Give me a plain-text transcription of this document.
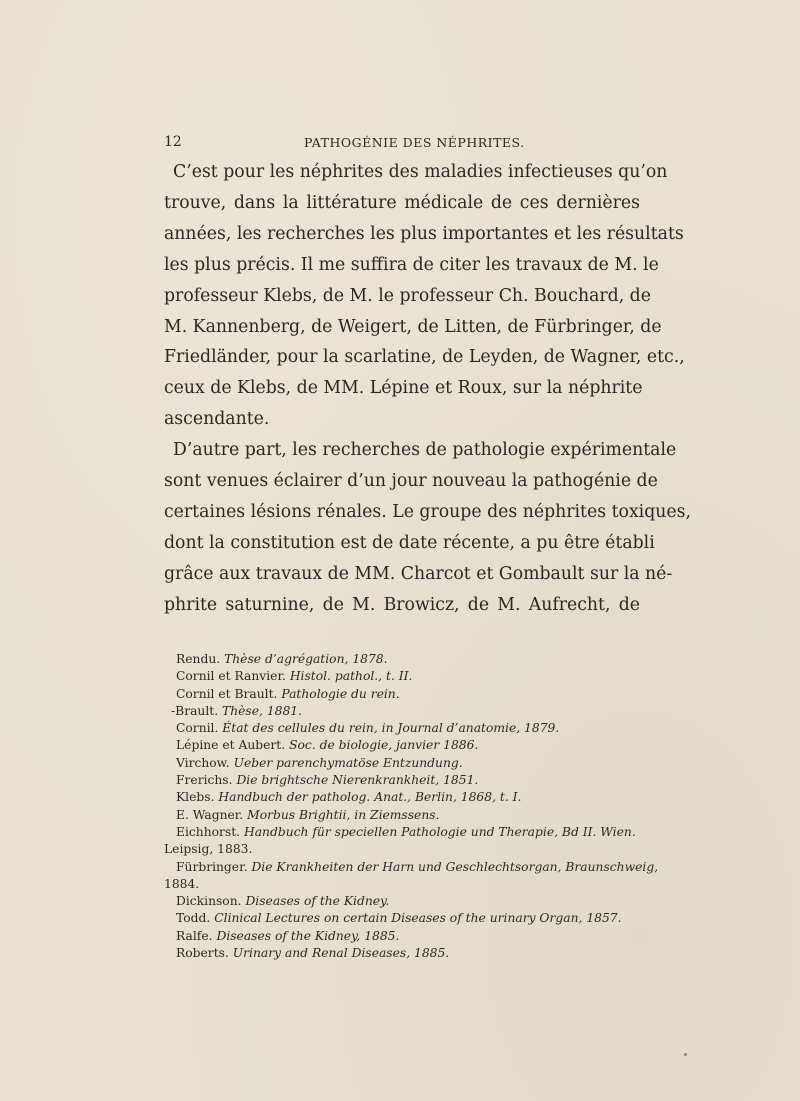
12	PATHOGÉNIE DES NÉPHRITES.
C’est pour les néphrites des maladies infectieuses qu’on
trouve, dans la littérature médicale de ces dernières
années, les recherches les plus importantes et les résultats
les plus précis. Il me suffira de citer les travaux de M. le
professeur Klebs, de M. le professeur Ch. Bouchard, de
M. Kannenberg, de Weigert, de Litten, de Fürbringer, de
Friedländer, pour la scarlatine, de Leyden, de Wagner, etc.,
ceux de Klebs, de MM. Lépine et Roux, sur la néphrite
ascendante.
D’autre part, les recherches de pathologie expérimentale
sont venues éclairer d’un jour nouveau la pathogénie de
certaines lésions rénales. Le groupe des néphrites toxiques,
dont la constitution est de date récente, a pu être établi
grâce aux travaux de MM. Charcot et Gombault sur la né-
phrite saturnine, de M. Browicz, de M. Aufrecht, de
Rendu. Thèse d’agrégation, 1878.
Cornil et Ranvier. Histol. pathol., t. II.
Cornil et Brault. Pathologie du rein.
-Brault. Thèse, 1881.
Cornil. État des cellules du rein, in Journal d’anatomie, 1879.
Lépine et Aubert. Soc. de biologie, janvier 1886.
Virchow. Ueber parenchymatöse Entzundung.
Frerichs. Die brightsche Nierenkrankheit, 1851.
Klebs. Handbuch der patholog. Anat., Berlin, 1868, t. I.
E. Wagner. Morbus Brightii, in Ziemssens.
Eichhorst. Handbuch für speciellen Pathologie und Therapie, Bd II. Wien.
Leipsig, 1883.
Fürbringer. Die Krankheiten der Harn und Geschlechtsorgan, Braunschweig,
1884.
Dickinson. Diseases of the Kidney.
Todd. Clinical Lectures on certain Diseases of the urinary Organ, 1857.
Ralfe. Diseases of the Kidney, 1885.
Roberts. Urinary and Renal Diseases, 1885.
